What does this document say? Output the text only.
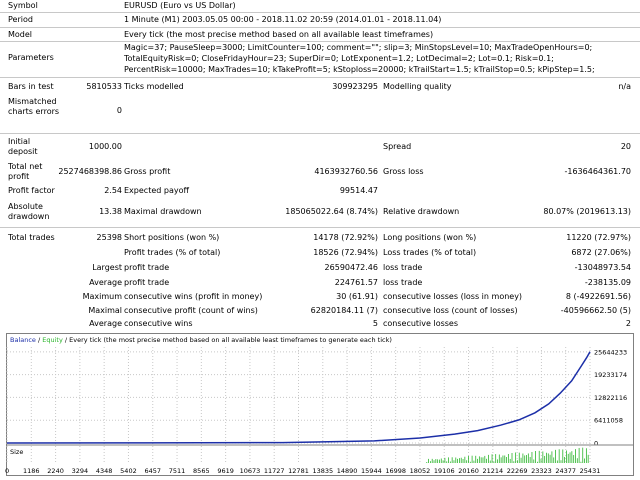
Symbol	EURUSD (Euro vs US Dollar)
Period	1 Minute (M1) 2003.05.05 00:00 - 2018.11.02 20:59 (2014.01.01 - 2018.11.04)
Model	Every tick (the most precise method based on all available least timeframes)
Parameters
Magic=37; PauseSleep=3000; LimitCounter=100; comment=""; slip=3; MinStopsLevel=10; MaxTradeOpenHours=0;
TotalEquityRisk=0; CloseFridayHour=23; SuperDir=0; LotExponent=1.2; LotDecimal=2; Lot=0.1; Risk=0.1;
PercentRisk=10000; MaxTrades=10; kTakeProfit=5; kStoploss=20000; kTrailStart=1.5; kTrailStop=0.5; kPipStep=1.5;
Bars in test	5810533 Ticks modelled	309923295 Modelling quality	n/a
Mismatched charts errors	0
Initial deposit
1000.00	Spread	20
Total net profit
2527468398.86 Gross profit	4163932760.56 Gross loss	-1636464361.70
Profit factor	2.54 Expected payoff	99514.47
Absolute drawdown
13.38 Maximal drawdown	185065022.64 (8.74%) Relative drawdown	80.07% (2019613.13)
Total trades	25398 Short positions (won %)	14178 (72.92%) Long positions (won %)	11220 (72.97%)
Profit trades (% of total)	18526 (72.94%) Loss trades (% of total)	6872 (27.06%)
Largest profit trade	26590472.46 loss trade	-13048973.54
Average profit trade	224761.57 loss trade	-238135.09
Maximum consecutive wins (profit in money)	30 (61.91) consecutive losses (loss in money)	8 (-4922691.56)
Maximal consecutive profit (count of wins)	62820184.11 (7) consecutive loss (count of losses)	-40596662.50 (5)
Average consecutive wins	5 consecutive losses	2
Balance / Equity / Every tick (the most precise method based on all available least timeframes to generate each tick)
25644233
19233174
12822116
6411058
0
Size
0 1186 2240 3294 4348 5402 6457 7511 8565 9619 10673 11727 12781 13835 14890 15944 16998 18052 19106 20160 21214 22269 23323 24377 25431
